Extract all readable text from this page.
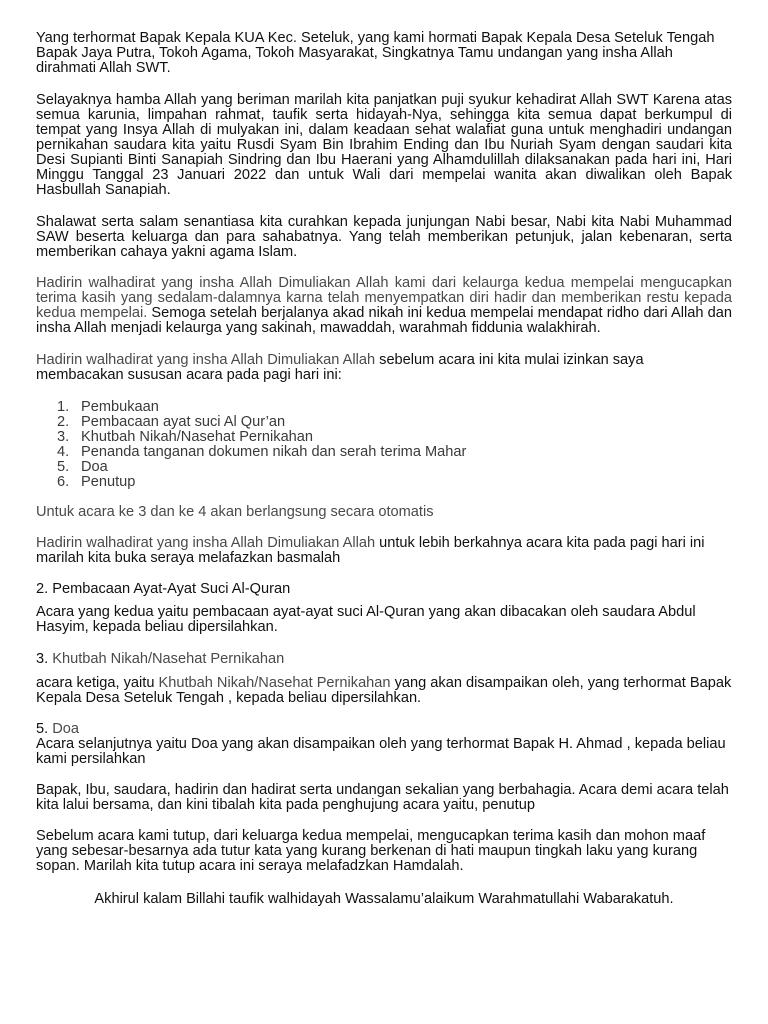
Yang terhormat Bapak Kepala KUA Kec. Seteluk, yang kami hormati Bapak Kepala Desa Seteluk Tengah Bapak Jaya Putra, Tokoh Agama, Tokoh Masyarakat, Singkatnya Tamu undangan yang insha Allah dirahmati Allah SWT.

Selayaknya hamba Allah yang beriman marilah kita panjatkan puji syukur kehadirat Allah SWT Karena atas semua karunia, limpahan rahmat, taufik serta hidayah-Nya, sehingga kita semua dapat berkumpul di tempat yang Insya Allah di mulyakan ini, dalam keadaan sehat walafiat guna untuk menghadiri undangan pernikahan saudara kita yaitu Rusdi Syam Bin Ibrahim Ending dan Ibu Nuriah Syam dengan saudari kita Desi Supianti Binti Sanapiah Sindring dan Ibu Haerani yang Alhamdulillah dilaksanakan pada hari ini, Hari Minggu Tanggal 23 Januari 2022 dan untuk Wali dari mempelai wanita akan diwalikan oleh Bapak Hasbullah Sanapiah.

Shalawat serta salam senantiasa kita curahkan kepada junjungan Nabi besar, Nabi kita Nabi Muhammad SAW beserta keluarga dan para sahabatnya. Yang telah memberikan petunjuk, jalan kebenaran, serta memberikan cahaya yakni agama Islam.

Hadirin walhadirat yang insha Allah Dimuliakan Allah kami dari kelaurga kedua mempelai mengucapkan terima kasih yang sedalam-dalamnya karna telah menyempatkan diri hadir dan memberikan restu kepada kedua mempelai. Semoga setelah berjalanya akad nikah ini kedua mempelai mendapat ridho dari Allah dan insha Allah menjadi kelaurga yang sakinah, mawaddah, warahmah fiddunia walakhirah.

Hadirin walhadirat yang insha Allah Dimuliakan Allah sebelum acara ini kita mulai izinkan saya membacakan sususan acara pada pagi hari ini:

1. Pembukaan
2. Pembacaan ayat suci Al Qur’an
3. Khutbah Nikah/Nasehat Pernikahan
4. Penanda tanganan dokumen nikah dan serah terima Mahar
5. Doa
6. Penutup

Untuk acara ke 3 dan ke 4 akan berlangsung secara otomatis

Hadirin walhadirat yang insha Allah Dimuliakan Allah untuk lebih berkahnya acara kita pada pagi hari ini marilah kita buka seraya melafazkan basmalah

2. Pembacaan Ayat-Ayat Suci Al-Quran

Acara yang kedua yaitu pembacaan ayat-ayat suci Al-Quran yang akan dibacakan oleh saudara Abdul Hasyim, kepada beliau dipersilahkan.

3. Khutbah Nikah/Nasehat Pernikahan

acara ketiga, yaitu Khutbah Nikah/Nasehat Pernikahan yang akan disampaikan oleh, yang terhormat Bapak Kepala Desa Seteluk Tengah , kepada beliau dipersilahkan.

5. Doa

Acara selanjutnya yaitu Doa yang akan disampaikan oleh yang terhormat Bapak H. Ahmad , kepada beliau kami persilahkan

Bapak, Ibu, saudara, hadirin dan hadirat serta undangan sekalian yang berbahagia. Acara demi acara telah kita lalui bersama, dan kini tibalah kita pada penghujung acara yaitu, penutup

Sebelum acara kami tutup, dari keluarga kedua mempelai, mengucapkan terima kasih dan mohon maaf yang sebesar-besarnya ada tutur kata yang kurang berkenan di hati maupun tingkah laku yang kurang sopan. Marilah kita tutup acara ini seraya melafadzkan Hamdalah.

Akhirul kalam Billahi taufik walhidayah Wassalamu’alaikum Warahmatullahi Wabarakatuh.
